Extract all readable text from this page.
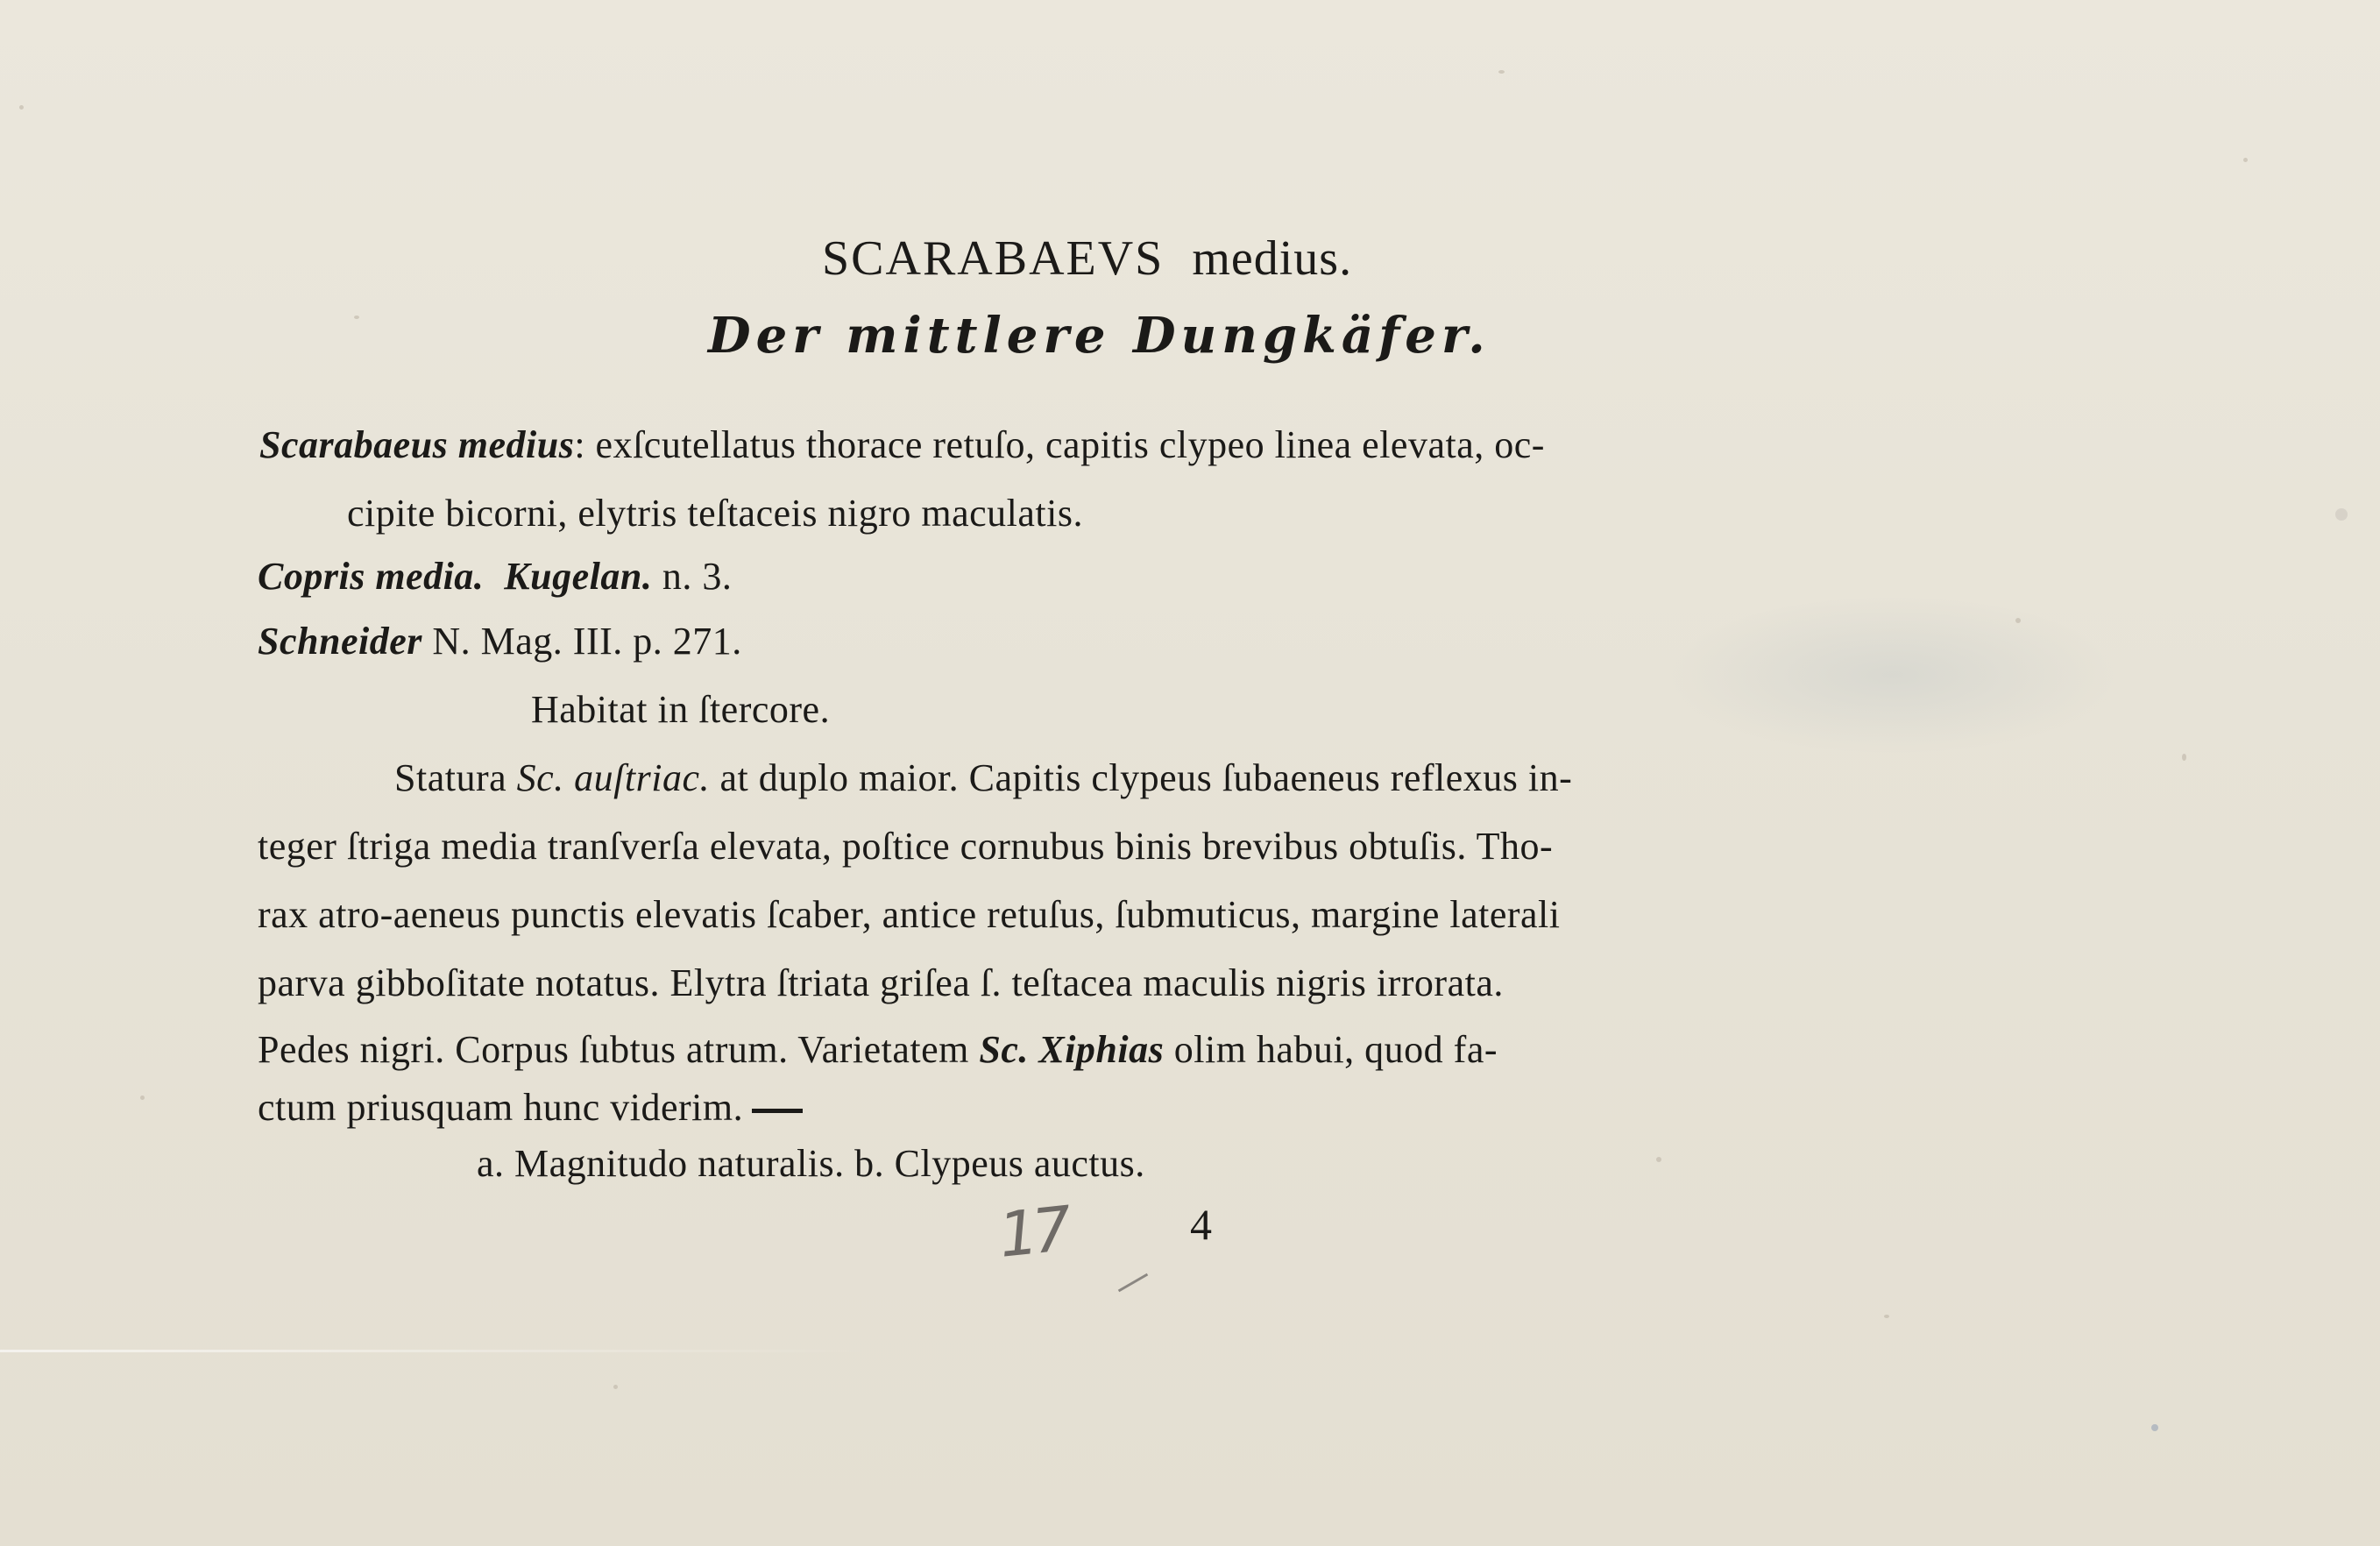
SCARABAEVS medius.
Der mittlere Dungkäfer.
Scarabaeus medius: exſcutellatus thorace retuſo, capitis clypeo linea elevata, oc-
cipite bicorni, elytris teſtaceis nigro maculatis.
Copris media. Kugelan. n. 3.
Schneider N. Mag. III. p. 271.
Habitat in ſtercore.
Statura Sc. auſtriac. at duplo maior. Capitis clypeus ſubaeneus reflexus in-
teger ſtriga media tranſverſa elevata, poſtice cornubus binis brevibus obtuſis. Tho-
rax atro-aeneus punctis elevatis ſcaber, antice retuſus, ſubmuticus, margine laterali
parva gibboſitate notatus. Elytra ſtriata griſea ſ. teſtacea maculis nigris irrorata.
Pedes nigri. Corpus ſubtus atrum. Varietatem Sc. Xiphias olim habui, quod fa-
ctum priusquam hunc viderim.
a. Magnitudo naturalis. b. Clypeus auctus.
17	4
